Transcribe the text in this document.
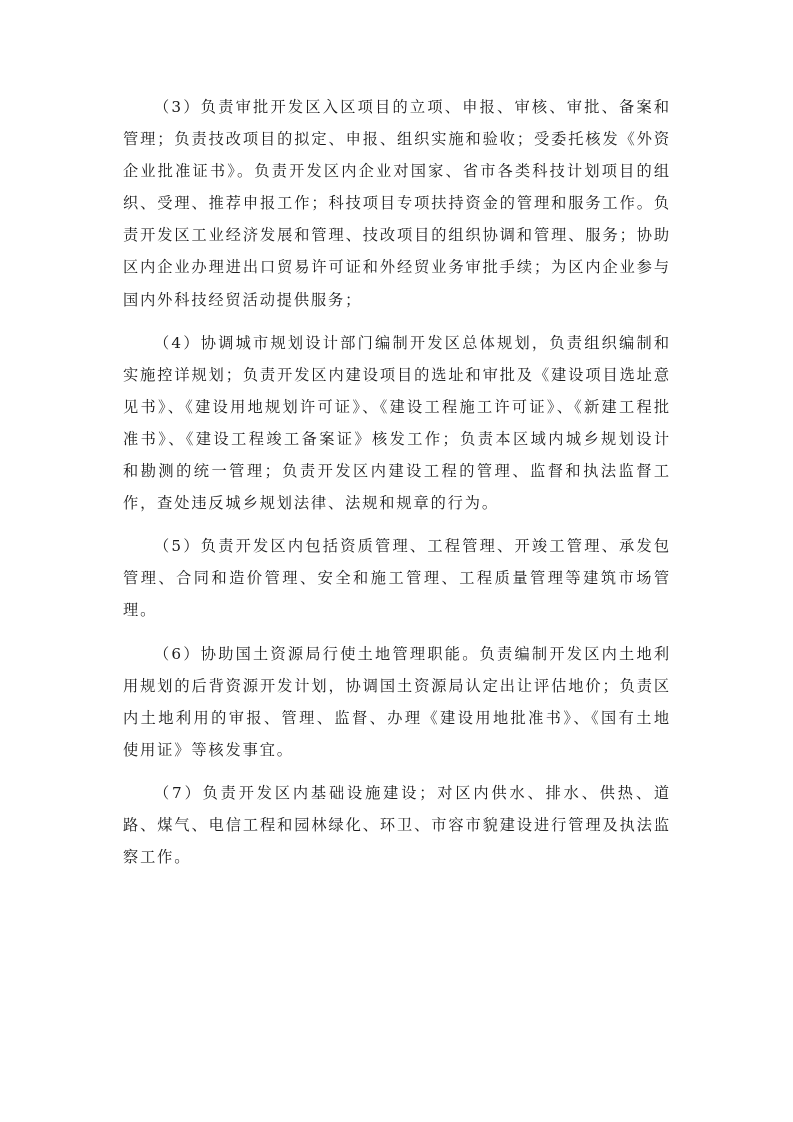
（3）负责审批开发区入区项目的立项、申报、审核、审批、备案和管理；负责技改项目的拟定、申报、组织实施和验收；受委托核发《外资企业批准证书》。负责开发区内企业对国家、省市各类科技计划项目的组织、受理、推荐申报工作；科技项目专项扶持资金的管理和服务工作。负责开发区工业经济发展和管理、技改项目的组织协调和管理、服务；协助区内企业办理进出口贸易许可证和外经贸业务审批手续；为区内企业参与国内外科技经贸活动提供服务；

（4）协调城市规划设计部门编制开发区总体规划，负责组织编制和实施控详规划；负责开发区内建设项目的选址和审批及《建设项目选址意见书》、《建设用地规划许可证》、《建设工程施工许可证》、《新建工程批准书》、《建设工程竣工备案证》核发工作；负责本区域内城乡规划设计和勘测的统一管理；负责开发区内建设工程的管理、监督和执法监督工作，查处违反城乡规划法律、法规和规章的行为。

（5）负责开发区内包括资质管理、工程管理、开竣工管理、承发包管理、合同和造价管理、安全和施工管理、工程质量管理等建筑市场管理。

（6）协助国土资源局行使土地管理职能。负责编制开发区内土地利用规划的后背资源开发计划，协调国土资源局认定出让评估地价；负责区内土地利用的审报、管理、监督、办理《建设用地批准书》、《国有土地使用证》等核发事宜。

（7）负责开发区内基础设施建设；对区内供水、排水、供热、道路、煤气、电信工程和园林绿化、环卫、市容市貌建设进行管理及执法监察工作。
